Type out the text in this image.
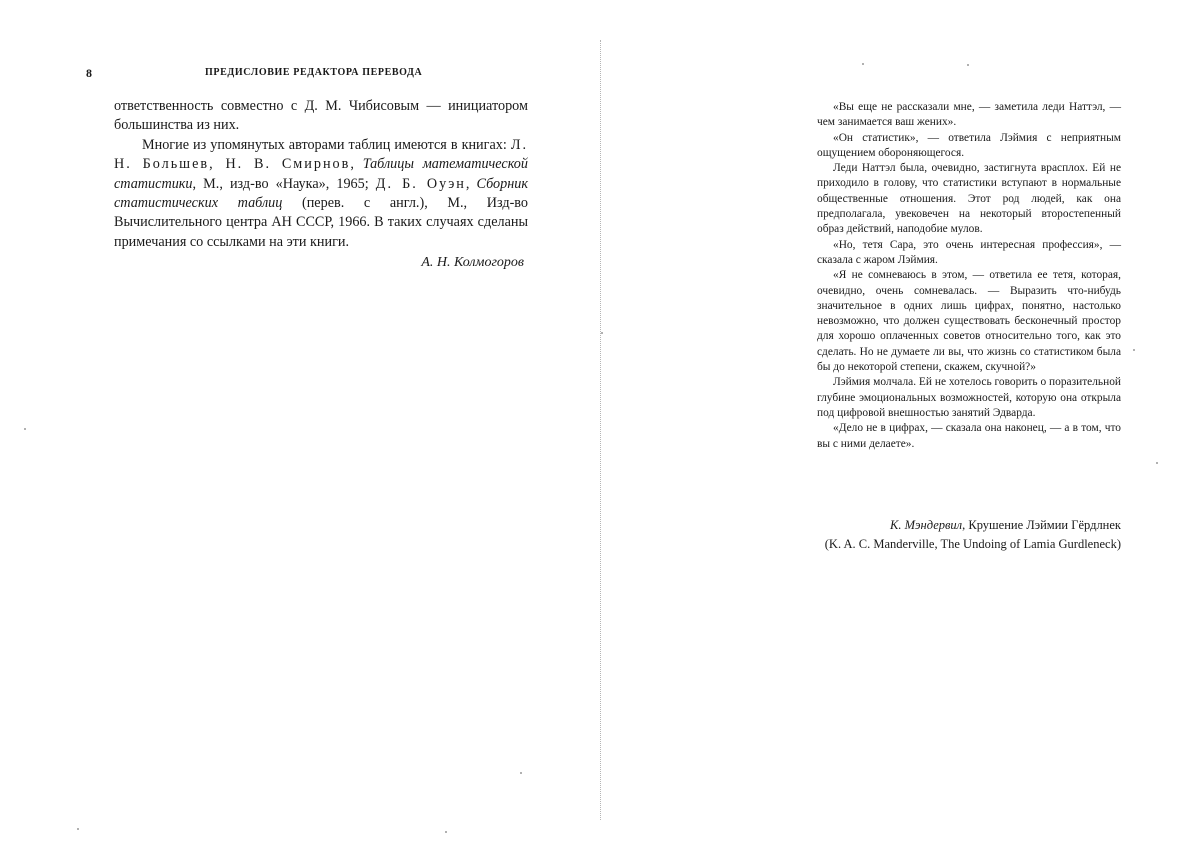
8	ПРЕДИСЛОВИЕ РЕДАКТОРА ПЕРЕВОДА

ответственность совместно с Д. М. Чибисовым — инициатором большинства из них.

Многие из упомянутых авторами таблиц имеются в книгах: Л. Н. Большев, Н. В. Смирнов, Таблицы математической статистики, М., изд-во «Наука», 1965; Д. Б. Оуэн, Сборник статистических таблиц (перев. с англ.), М., Изд-во Вычислительного центра АН СССР, 1966. В таких случаях сделаны примечания со ссылками на эти книги.

А. Н. Колмогоров

«Вы еще не рассказали мне, — заметила леди Наттэл, — чем занимается ваш жених».

«Он статистик», — ответила Лэймия с неприятным ощущением обороняющегося.

Леди Наттэл была, очевидно, застигнута врасплох. Ей не приходило в голову, что статистики вступают в нормальные общественные отношения. Этот род людей, как она предполагала, увековечен на некоторый второстепенный образ действий, наподобие мулов.

«Но, тетя Сара, это очень интересная профессия», — сказала с жаром Лэймия.

«Я не сомневаюсь в этом, — ответила ее тетя, которая, очевидно, очень сомневалась. — Выразить что-нибудь значительное в одних лишь цифрах, понятно, настолько невозможно, что должен существовать бесконечный простор для хорошо оплаченных советов относительно того, как это сделать. Но не думаете ли вы, что жизнь со статистиком была бы до некоторой степени, скажем, скучной?»

Лэймия молчала. Ей не хотелось говорить о поразительной глубине эмоциональных возможностей, которую она открыла под цифровой внешностью занятий Эдварда.

«Дело не в цифрах, — сказала она наконец, — а в том, что вы с ними делаете».

К. Мэндервил, Крушение Лэймии Гёрдлнек
(K. A. C. Manderville, The Undoing of Lamia Gurdleneck)
